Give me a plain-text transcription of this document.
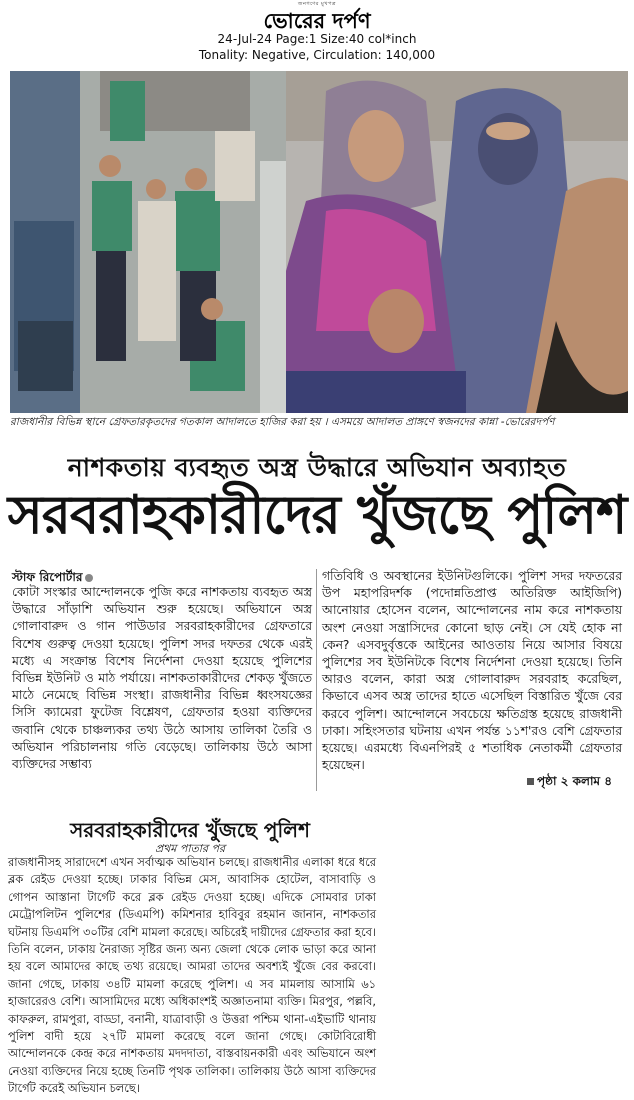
জনগণের মুখপত্র
ভোরের দর্পণ
24-Jul-24 Page:1 Size:40 col*inch
Tonality: Negative, Circulation: 140,000
রাজধানীর বিভিন্ন স্থানে গ্রেফতারকৃতদের গতকাল আদালতে হাজির করা হয় । এসময়ে আদালত প্রাঙ্গণে স্বজনদের কান্না -ভোরেরদর্পণ
নাশকতায় ব্যবহৃত অস্ত্র উদ্ধারে অভিযান অব্যাহত
সরবরাহকারীদের খুঁজছে পুলিশ
স্টাফ রিপোর্টার
কোটা সংস্কার আন্দোলনকে পুজি করে নাশকতায় ব্যবহৃত অস্ত্র উদ্ধারে সাঁড়াশি অভিযান শুরু হয়েছে। অভিযানে অস্ত্র গোলাবারুদ ও গান পাউডার সরবরাহকারীদের গ্রেফতারে বিশেষ গুরুত্ব দেওয়া হয়েছে। পুলিশ সদর দফতর থেকে এরই মধ্যে এ সংক্রান্ত বিশেষ নির্দেশনা দেওয়া হয়েছে পুলিশের বিভিন্ন ইউনিট ও মাঠ পর্যায়ে। নাশকতাকারীদের শেকড় খুঁজতে মাঠে নেমেছে বিভিন্ন সংস্থা। রাজধানীর বিভিন্ন ধ্বংসযজ্ঞের সিসি ক্যামেরা ফুটেজ বিশ্লেষণ, গ্রেফতার হওয়া ব্যক্তিদের জবানি থেকে চাঞ্চল্যকর তথ্য উঠে আসায় তালিকা তৈরি ও অভিযান পরিচালনায় গতি বেড়েছে। তালিকায় উঠে আসা ব্যক্তিদের সম্ভাব্য
গতিবিধি ও অবস্থানের ইউনিটগুলিকে। পুলিশ সদর দফতরের উপ মহাপরিদর্শক (পদোন্নতিপ্রাপ্ত অতিরিক্ত আইজিপি) আনোয়ার হোসেন বলেন, আন্দোলনের নাম করে নাশকতায় অংশ নেওয়া সন্ত্রাসিদের কোনো ছাড় নেই। সে যেই হোক না কেন? এসবদুর্বৃত্তকে আইনের আওতায় নিয়ে আসার বিষয়ে পুলিশের সব ইউনিটকে বিশেষ নির্দেশনা দেওয়া হয়েছে। তিনি আরও বলেন, কারা অস্ত্র গোলাবারুদ সরবরাহ করেছিল, কিভাবে এসব অস্ত্র তাদের হাতে এসেছিল বিস্তারিত খুঁজে বের করবে পুলিশ। আন্দোলনে সবচেয়ে ক্ষতিগ্রস্ত হয়েছে রাজধানী ঢাকা। সহিংসতার ঘটনায় এখন পর্যন্ত ১১শ'রও বেশি গ্রেফতার হয়েছে। এরমধ্যে বিএনপিরই ৫ শতাধিক নেতাকর্মী গ্রেফতার হয়েছেন।
পৃষ্ঠা ২ কলাম ৪
সরবরাহকারীদের খুঁজছে পুলিশ
প্রথম পাতার পর
রাজধানীসহ সারাদেশে এখন সর্বাত্মক অভিযান চলছে। রাজধানীর এলাকা ধরে ধরে ব্লক রেইড দেওয়া হচ্ছে। ঢাকার বিভিন্ন মেস, আবাসিক হোটেল, বাসাবাড়ি ও গোপন আস্তানা টার্গেট করে ব্লক রেইড দেওয়া হচ্ছে। এদিকে সোমবার ঢাকা মেট্রোপলিটন পুলিশের (ডিএমপি) কমিশনার হাবিবুর রহমান জানান, নাশকতার ঘটনায় ডিএমপি ৩০টির বেশি মামলা করেছে। অচিরেই দায়ীদের গ্রেফতার করা হবে। তিনি বলেন, ঢাকায় নৈরাজ্য সৃষ্টির জন্য অন্য জেলা থেকে লোক ভাড়া করে আনা হয় বলে আমাদের কাছে তথ্য রয়েছে। আমরা তাদের অবশ্যই খুঁজে বের করবো। জানা গেছে, ঢাকায় ৩৪টি মামলা করেছে পুলিশ। এ সব মামলায় আসামি ৬১ হাজারেরও বেশি। আসামিদের মধ্যে অধিকাংশই অজ্ঞাতনামা ব্যক্তি। মিরপুর, পল্লবি, কাফরুল, রামপুরা, বাড্ডা, বনানী, যাত্রাবাড়ী ও উত্তরা পশ্চিম থানা-এইভাটি থানায় পুলিশ বাদী হয়ে ২৭টি মামলা করেছে বলে জানা গেছে। কোটাবিরোধী আন্দোলনকে কেন্দ্র করে নাশকতায় মদদদাতা, বাস্তবায়নকারী এবং অভিযানে অংশ নেওয়া ব্যক্তিদের নিয়ে হচ্ছে তিনটি পৃথক তালিকা। তালিকায় উঠে আসা ব্যক্তিদের টার্গেট করেই অভিযান চলছে।
